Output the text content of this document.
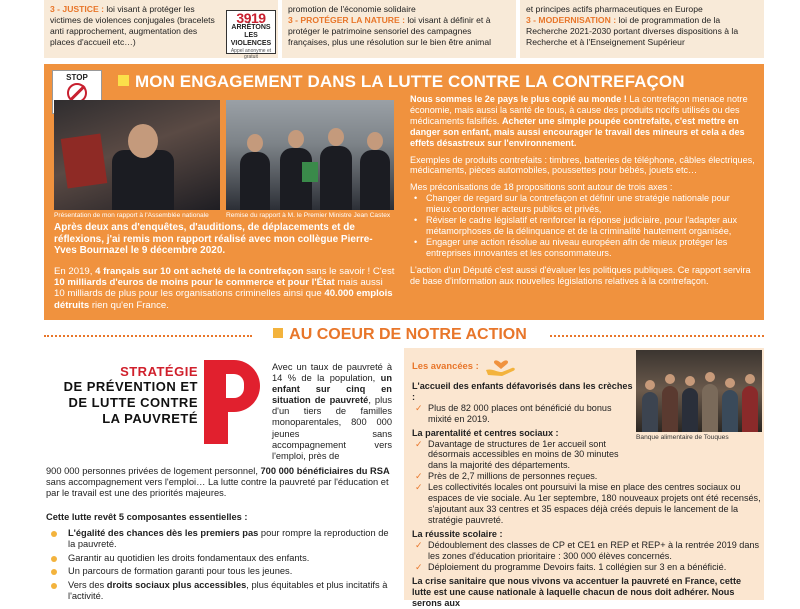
3 - JUSTICE : loi visant à protéger les victimes de violences conjugales (bracelets anti rapprochement, augmentation des places d'accueil etc…)
3919
ARRÊTONS
LES VIOLENCES
Appel anonyme et gratuit
promotion de l'économie solidaire
3 - PROTÉGER LA NATURE : loi visant à définir et à protéger le patrimoine sensoriel des campagnes françaises, plus une résolution sur le bien être animal
et principes actifs pharmaceutiques en Europe
3 - MODERNISATION : loi de programmation de la Recherche 2021-2030 portant diverses dispositions à la Recherche et à l'Enseignement Supérieur
STOP	MON ENGAGEMENT DANS LA LUTTE CONTRE LA CONTREFAÇON
Présentation de mon rapport à l'Assemblée nationale	Remise du rapport à M. le Premier Ministre Jean Castex
Après deux ans d'enquêtes, d'auditions, de déplacements et de réflexions, j'ai remis mon rapport réalisé avec mon collègue Pierre-Yves Bournazel le 9 décembre 2020.
En 2019, 4 français sur 10 ont acheté de la contrefaçon sans le savoir ! C'est 10 milliards d'euros de moins pour le commerce et pour l'État mais aussi 10 milliards de plus pour les organisations criminelles ainsi que 40.000 emplois détruits rien qu'en France.

Nous sommes le 2e pays le plus copié au monde ! La contrefaçon menace notre économie, mais aussi la santé de tous, à cause des produits nocifs utilisés ou des médicaments falsifiés. Acheter une simple poupée contrefaite, c'est mettre en danger son enfant, mais aussi encourager le travail des mineurs et cela a des effets désastreux sur l'environnement.

Exemples de produits contrefaits : timbres, batteries de téléphone, câbles électriques, médicaments, pièces automobiles, poussettes pour bébés, jouets etc…

Mes préconisations de 18 propositions sont autour de trois axes :

• Changer de regard sur la contrefaçon et définir une stratégie nationale pour mieux coordonner acteurs publics et privés,
• Réviser le cadre législatif et renforcer la réponse judiciaire, pour l'adapter aux métamorphoses de la délinquance et de la criminalité hautement organisée,
• Engager une action résolue au niveau européen afin de mieux protéger les entreprises innovantes et les consommateurs.

L'action d'un Député c'est aussi d'évaluer les politiques publiques. Ce rapport servira de base d'information aux nouvelles législations relatives à la contrefaçon.

AU COEUR DE NOTRE ACTION
STRATÉGIE
DE PRÉVENTION ET
DE LUTTE CONTRE
LA PAUVRETÉ
Avec un taux de pauvreté à 14 % de la population, un enfant sur cinq en situation de pauvreté, plus d'un tiers de familles monoparentales, 800 000 jeunes sans accompagnement vers l'emploi, près de
900 000 personnes privées de logement personnel, 700 000 bénéficiaires du RSA sans accompagnement vers l'emploi… La lutte contre la pauvreté par l'éducation et par le travail est une des priorités majeures.
Cette lutte revêt 5 composantes essentielles :
L'égalité des chances dès les premiers pas pour rompre la reproduction de la pauvreté.
Garantir au quotidien les droits fondamentaux des enfants.
Un parcours de formation garanti pour tous les jeunes.
Vers des droits sociaux plus accessibles, plus équitables et plus incitatifs à l'activité.
Les avancées :
Banque alimentaire de Touques
L'accueil des enfants défavorisés dans les crèches :
✓ Plus de 82 000 places ont bénéficié du bonus mixité en 2019.
La parentalité et centres sociaux :
✓ Davantage de structures de 1er accueil sont désormais accessibles en moins de 30 minutes dans la majorité des départements.
✓ Près de 2,7 millions de personnes reçues.
✓ Les collectivités locales ont poursuivi la mise en place des centres sociaux ou espaces de vie sociale. Au 1er septembre, 180 nouveaux projets ont été recensés, s'ajoutant aux 33 centres et 35 espaces déjà créés depuis le lancement de la stratégie pauvreté.
La réussite scolaire :
✓ Dédoublement des classes de CP et CE1 en REP et REP+ à la rentrée 2019 dans les zones d'éducation prioritaire : 300 000 élèves concernés.
✓ Déploiement du programme Devoirs faits. 1 collégien sur 3 en a bénéficié.
La crise sanitaire que nous vivons va accentuer la pauvreté en France, cette lutte est une cause nationale à laquelle chacun de nous doit adhérer. Nous serons aux
